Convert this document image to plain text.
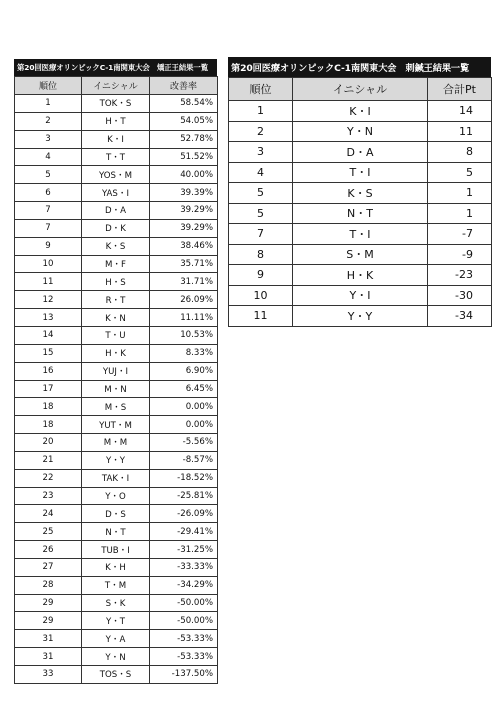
第20回医療オリンピックC-1南関東大会　矯正王結果一覧
順位	イニシャル	改善率
1	TOK・S	58.54%
2	H・T	54.05%
3	K・I	52.78%
4	T・T	51.52%
5	YOS・M	40.00%
6	YAS・I	39.39%
7	D・A	39.29%
7	D・K	39.29%
9	K・S	38.46%
10	M・F	35.71%
11	H・S	31.71%
12	R・T	26.09%
13	K・N	11.11%
14	T・U	10.53%
15	H・K	8.33%
16	YUJ・I	6.90%
17	M・N	6.45%
18	M・S	0.00%
18	YUT・M	0.00%
20	M・M	-5.56%
21	Y・Y	-8.57%
22	TAK・I	-18.52%
23	Y・O	-25.81%
24	D・S	-26.09%
25	N・T	-29.41%
26	TUB・I	-31.25%
27	K・H	-33.33%
28	T・M	-34.29%
29	S・K	-50.00%
29	Y・T	-50.00%
31	Y・A	-53.33%
31	Y・N	-53.33%
33	TOS・S	-137.50%
第20回医療オリンピックC-1南関東大会　刺鍼王結果一覧
順位	イニシャル	合計Pt
1	K・I	14
2	Y・N	11
3	D・A	8
4	T・I	5
5	K・S	1
5	N・T	1
7	T・I	-7
8	S・M	-9
9	H・K	-23
10	Y・I	-30
11	Y・Y	-34
